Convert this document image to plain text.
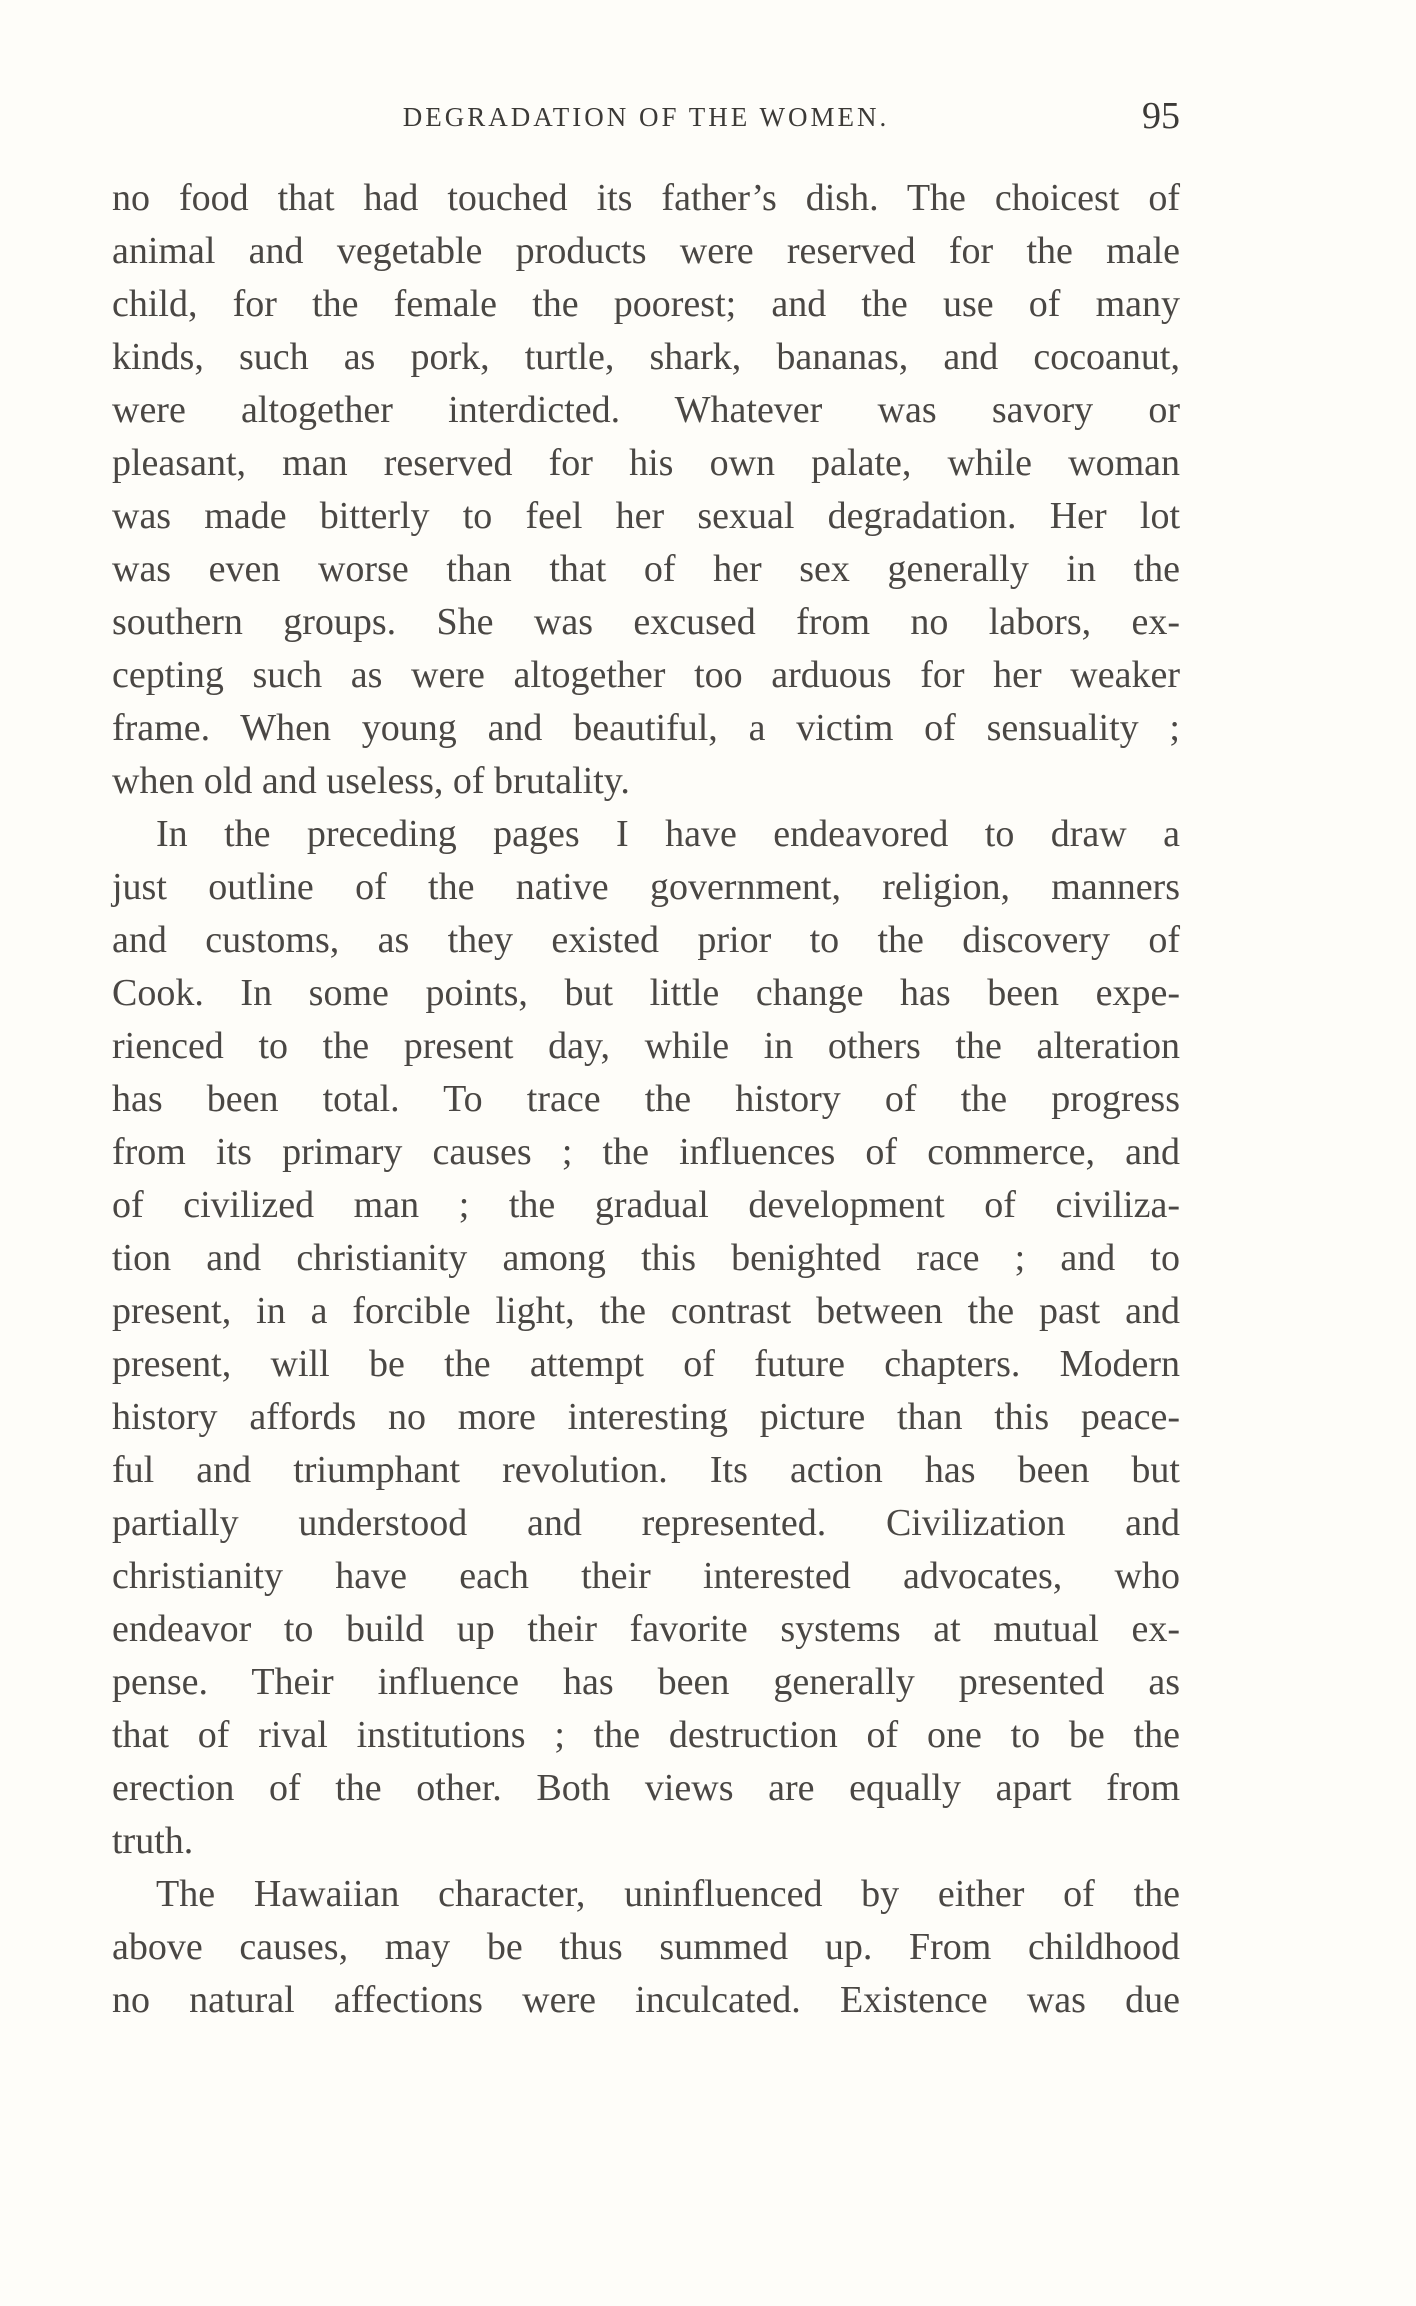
DEGRADATION OF THE WOMEN.	95
no food that had touched its father’s dish. The choicest of
animal and vegetable products were reserved for the male
child, for the female the poorest; and the use of many
kinds, such as pork, turtle, shark, bananas, and cocoanut,
were altogether interdicted. Whatever was savory or
pleasant, man reserved for his own palate, while woman
was made bitterly to feel her sexual degradation. Her lot
was even worse than that of her sex generally in the
southern groups. She was excused from no labors, ex-
cepting such as were altogether too arduous for her weaker
frame. When young and beautiful, a victim of sensuality ;
when old and useless, of brutality.
In the preceding pages I have endeavored to draw a
just outline of the native government, religion, manners
and customs, as they existed prior to the discovery of
Cook. In some points, but little change has been expe-
rienced to the present day, while in others the alteration
has been total. To trace the history of the progress
from its primary causes ; the influences of commerce, and
of civilized man ; the gradual development of civiliza-
tion and christianity among this benighted race ; and to
present, in a forcible light, the contrast between the past and
present, will be the attempt of future chapters. Modern
history affords no more interesting picture than this peace-
ful and triumphant revolution. Its action has been but
partially understood and represented. Civilization and
christianity have each their interested advocates, who
endeavor to build up their favorite systems at mutual ex-
pense. Their influence has been generally presented as
that of rival institutions ; the destruction of one to be the
erection of the other. Both views are equally apart from
truth.
The Hawaiian character, uninfluenced by either of the
above causes, may be thus summed up. From childhood
no natural affections were inculcated. Existence was due
